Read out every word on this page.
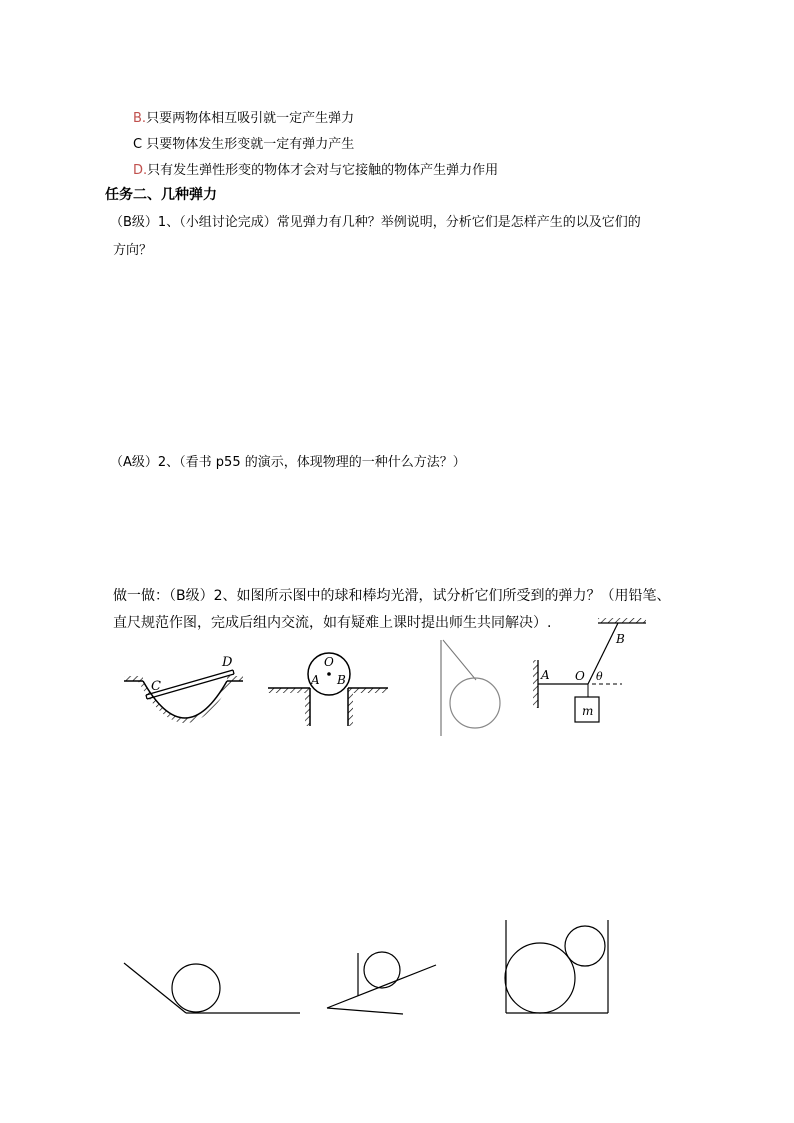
B.只要两物体相互吸引就一定产生弹力
C 只要物体发生形变就一定有弹力产生
D.只有发生弹性形变的物体才会对与它接触的物体产生弹力作用
任务二、几种弹力
（B级）1、（小组讨论完成）常见弹力有几种？举例说明，分析它们是怎样产生的以及它们的
方向？
（A级）2、（看书 p55 的演示，体现物理的一种什么方法？）
做一做：（B级）2、如图所示图中的球和棒均光滑，试分析它们所受到的弹力？（用铅笔、
直尺规范作图，完成后组内交流，如有疑难上课时提出师生共同解决）.
C
D	O
A B
B
A O θ
m
